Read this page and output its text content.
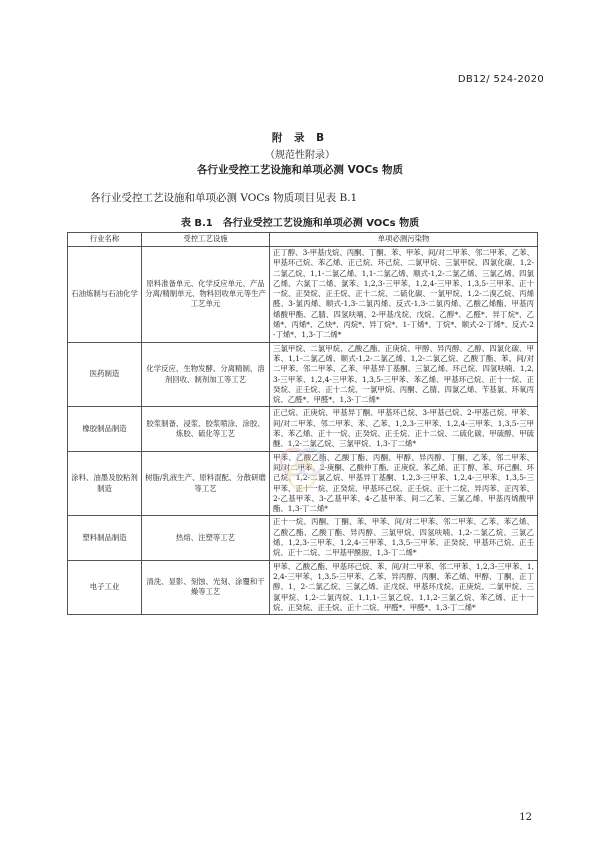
DB12/ 524-2020
附 录 B
（规范性附录）
各行业受控工艺设施和单项必测 VOCs 物质
各行业受控工艺设施和单项必测 VOCs 物质项目见表 B.1
表 B.1　各行业受控工艺设施和单项必测 VOCs 物质
行业名称	受控工艺设施	单项必测污染物
石油炼制与石油化学	原料准备单元、化学反应单元、产品分离/精制单元、物料回收单元等生产工艺单元	正丁醇、3-甲基戊烷、丙酮、丁酮、苯、甲苯、间/对二甲苯、邻二甲苯、乙苯、甲基环己烷、苯乙烯、正己烷、环己烷、二氯甲烷、三氯甲烷、四氯化碳、1,2-二氯乙烷、1,1-二氯乙烯、1,1-二氯乙烯、顺式-1,2-二氯乙烯、三氯乙烯、四氯乙烯、六氯丁二烯、氯苯、1,2,3-三甲苯、1,2,4-三甲苯、1,3,5-三甲苯、正十一烷、正癸烷、正壬烷、正十二烷、二硫化碳、一氯甲烷、1,2-二溴乙烷、丙烯醛、3-氯丙烯、顺式-1,3-二氯丙烯、反式-1,3-二氯丙烯、乙酸乙烯酯、甲基丙烯酸甲酯、乙腈、四氢呋喃、2-甲基戊烷、戊烷、乙醇*、乙醛*、异丁烷*、乙烯*、丙烯*、乙炔*、丙烷*、异丁烷*、1-丁烯*、丁烷*、顺式-2-丁烯*、反式-2-丁烯*、1,3-丁二烯*
医药制造	化学反应、生物发酵、分离精制、溶剂回收、制剂加工等工艺	三氯甲烷、二氯甲烷、乙酸乙酯、正庚烷、甲醇、异丙醇、乙醇、四氯化碳、甲苯、1,1-二氯乙烯、顺式-1,2-二氯乙烯、1,2-二氯乙烷、乙酸丁酯、苯、间/对二甲苯、邻二甲苯、乙苯、甲基异丁基酮、三氯乙烯、环己烷、四氢呋喃、1,2,3-三甲苯、1,2,4-三甲苯、1,3,5-三甲苯、苯乙烯、甲基环己烷、正十一烷、正癸烷、正壬烷、正十二烷、一氯甲烷、丙酮、乙腈、四氯乙烯、苄基氯、环氧丙烷、乙醛*、甲醛*、1,3-丁二烯*
橡胶制品制造	胶浆制备、浸浆、胶浆喷涂、涂胶、炼胶、硫化等工艺	正己烷、正庚烷、甲基异丁酮、甲基环己烷、3-甲基己烷、2-甲基己烷、甲苯、间/对二甲苯、邻二甲苯、苯、乙苯、1,2,3-三甲苯、1,2,4-三甲苯、1,3,5-三甲苯、苯乙烯、正十一烷、正癸烷、正壬烷、正十二烷、二硫化碳、甲硫醇、甲硫醚、1,2-二氯乙烷、三氯甲烷、1,3-丁二烯*
涂料、油墨及胶粘剂制造	树脂/乳液生产、原料混配、分散研磨等工艺	甲苯、乙酸乙酯、乙酸丁酯、丙酮、甲醇、异丙醇、丁酮、乙苯、邻二甲苯、间/对二甲苯、2-庚酮、乙酸仲丁酯、正庚烷、苯乙烯、正丁醇、苯、环己酮、环己烷、1,2-二氯乙烷、甲基异丁基酮、1,2,3-三甲苯、1,2,4-三甲苯、1,3,5-三甲苯、正十一烷、正癸烷、甲基环己烷、正壬烷、正十二烷、异丙苯、正丙苯、2-乙基甲苯、3-乙基甲苯、4-乙基甲苯、间二乙苯、三氯乙烯、甲基丙烯酸甲酯、1,3-丁二烯*
塑料制品制造	热熔、注塑等工艺	正十一烷、丙酮、丁酮、苯、甲苯、间/对二甲苯、邻二甲苯、乙苯、苯乙烯、乙酸乙酯、乙酸丁酯、异丙醇、三氯甲烷、四氢呋喃、1,2-二氯乙烷、三氯乙烯、1,2,3-三甲苯、1,2,4-三甲苯、1,3,5-三甲苯、正癸烷、甲基环己烷、正壬烷、正十二烷、二甲基甲酰胺、1,3-丁二烯*
电子工业	清洗、显影、刻蚀、光刻、涂覆和干燥等工艺	甲苯、乙酸乙酯、甲基环己烷、苯、间/对二甲苯、邻二甲苯、1,2,3-三甲苯、1,2,4-三甲苯、1,3,5-三甲苯、乙苯、异丙醇、丙酮、苯乙烯、甲醇、丁酮、正丁醇、1，2-二氯乙烷、三氯乙烯、正戊烷、甲基环戊烷、正庚烷、二氯甲烷、三氯甲烷、1,2-二氯丙烷、1,1,1-三氯乙烷、1,1,2-三氯乙烷、苯乙烯、正十一烷、正癸烷、正壬烷、正十二烷、甲醛*、甲醛*、1,3-丁二烯*
12
